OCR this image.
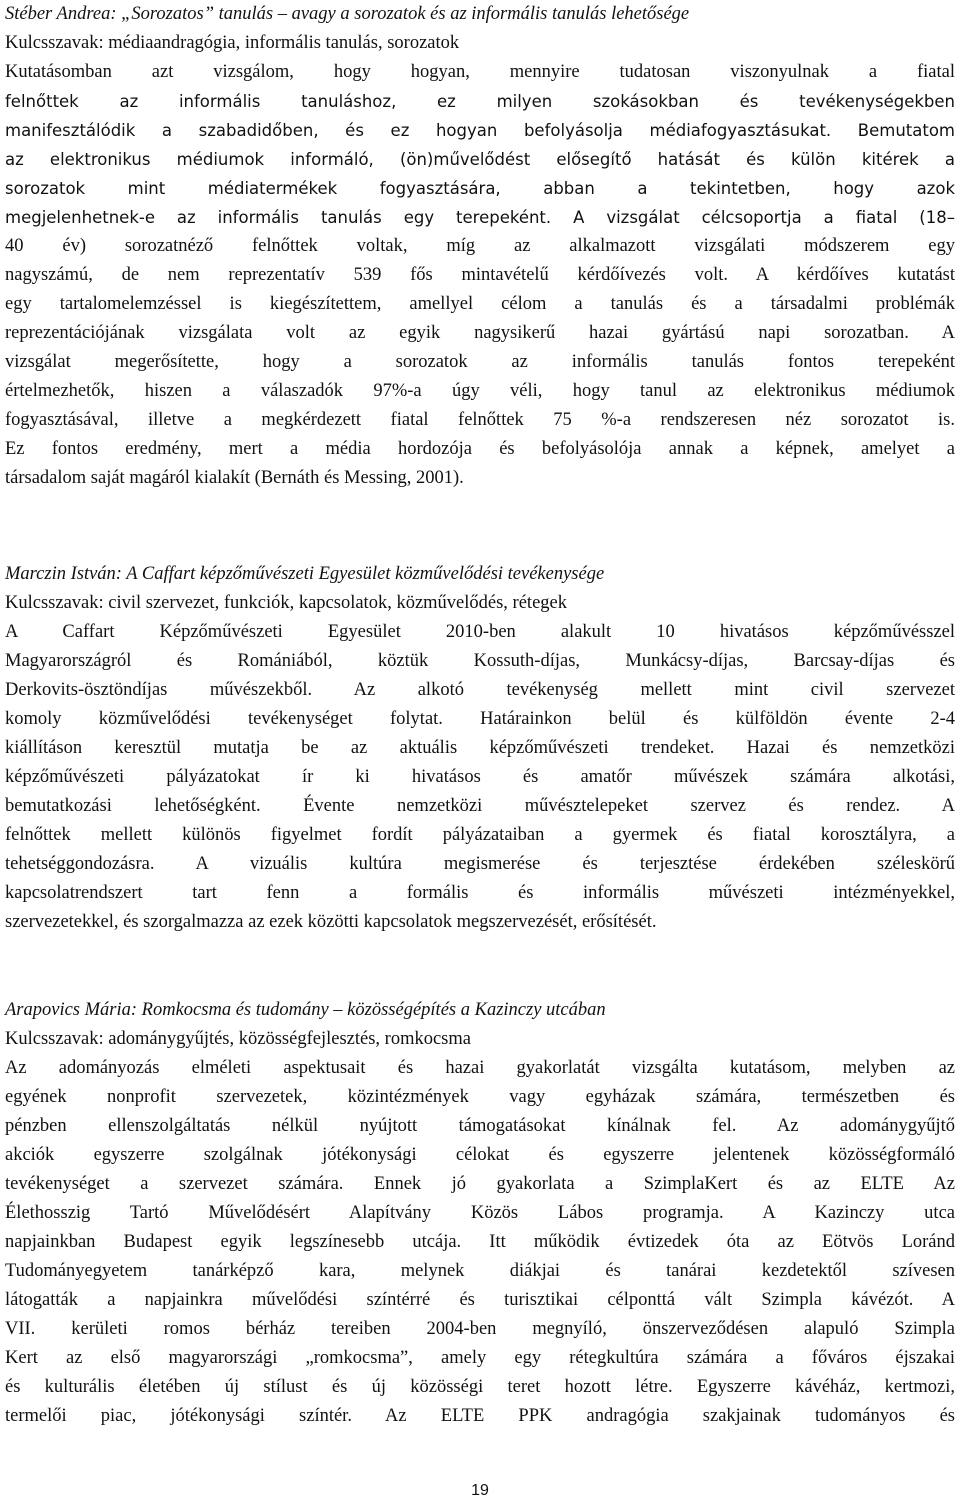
Stéber Andrea: „Sorozatos” tanulás – avagy a sorozatok és az informális tanulás lehetősége
Kulcsszavak: médiaandragógia, informális tanulás, sorozatok
Kutatásomban azt vizsgálom, hogy hogyan, mennyire tudatosan viszonyulnak a fiatal
felnőttek az informális tanuláshoz, ez milyen szokásokban és tevékenységekben
manifesztálódik a szabadidőben, és ez hogyan befolyásolja médiafogyasztásukat. Bemutatom
az elektronikus médiumok informáló, (ön)művelődést elősegítő hatását és külön kitérek a
sorozatok mint médiatermékek fogyasztására, abban a tekintetben, hogy azok
megjelenhetnek-e az informális tanulás egy terepeként. A vizsgálat célcsoportja a fiatal (18–
40 év) sorozatnéző felnőttek voltak, míg az alkalmazott vizsgálati módszerem egy
nagyszámú, de nem reprezentatív 539 fős mintavételű kérdőívezés volt. A kérdőíves kutatást
egy tartalomelemzéssel is kiegészítettem, amellyel célom a tanulás és a társadalmi problémák
reprezentációjának vizsgálata volt az egyik nagysikerű hazai gyártású napi sorozatban. A
vizsgálat megerősítette, hogy a sorozatok az informális tanulás fontos terepeként
értelmezhetők, hiszen a válaszadók 97%-a úgy véli, hogy tanul az elektronikus médiumok
fogyasztásával, illetve a megkérdezett fiatal felnőttek 75 %-a rendszeresen néz sorozatot is.
Ez fontos eredmény, mert a média hordozója és befolyásolója annak a képnek, amelyet a
társadalom saját magáról kialakít (Bernáth és Messing, 2001).
Marczin István: A Caffart képzőművészeti Egyesület közművelődési tevékenysége
Kulcsszavak: civil szervezet, funkciók, kapcsolatok, közművelődés, rétegek
A Caffart Képzőművészeti Egyesület 2010-ben alakult 10 hivatásos képzőművésszel
Magyarországról és Romániából, köztük Kossuth-díjas, Munkácsy-díjas, Barcsay-díjas és
Derkovits-ösztöndíjas művészekből. Az alkotó tevékenység mellett mint civil szervezet
komoly közművelődési tevékenységet folytat. Határainkon belül és külföldön évente 2-4
kiállításon keresztül mutatja be az aktuális képzőművészeti trendeket. Hazai és nemzetközi
képzőművészeti pályázatokat ír ki hivatásos és amatőr művészek számára alkotási,
bemutatkozási lehetőségként. Évente nemzetközi művésztelepeket szervez és rendez. A
felnőttek mellett különös figyelmet fordít pályázataiban a gyermek és fiatal korosztályra, a
tehetséggondozásra. A vizuális kultúra megismerése és terjesztése érdekében széleskörű
kapcsolatrendszert tart fenn a formális és informális művészeti intézményekkel,
szervezetekkel, és szorgalmazza az ezek közötti kapcsolatok megszervezését, erősítését.
Arapovics Mária: Romkocsma és tudomány – közösségépítés a Kazinczy utcában
Kulcsszavak: adománygyűjtés, közösségfejlesztés, romkocsma
Az adományozás elméleti aspektusait és hazai gyakorlatát vizsgálta kutatásom, melyben az
egyének nonprofit szervezetek, közintézmények vagy egyházak számára, természetben és
pénzben ellenszolgáltatás nélkül nyújtott támogatásokat kínálnak fel. Az adománygyűjtő
akciók egyszerre szolgálnak jótékonysági célokat és egyszerre jelentenek közösségformáló
tevékenységet a szervezet számára. Ennek jó gyakorlata a SzimplaKert és az ELTE Az
Élethosszig Tartó Művelődésért Alapítvány Közös Lábos programja. A Kazinczy utca
napjainkban Budapest egyik legszínesebb utcája. Itt működik évtizedek óta az Eötvös Loránd
Tudományegyetem tanárképző kara, melynek diákjai és tanárai kezdetektől szívesen
látogatták a napjainkra művelődési színtérré és turisztikai célponttá vált Szimpla kávézót. A
VII. kerületi romos bérház tereiben 2004-ben megnyíló, önszerveződésen alapuló Szimpla
Kert az első magyarországi „romkocsma”, amely egy rétegkultúra számára a főváros éjszakai
és kulturális életében új stílust és új közösségi teret hozott létre. Egyszerre kávéház, kertmozi,
termelői piac, jótékonysági színtér. Az ELTE PPK andragógia szakjainak tudományos és
19
